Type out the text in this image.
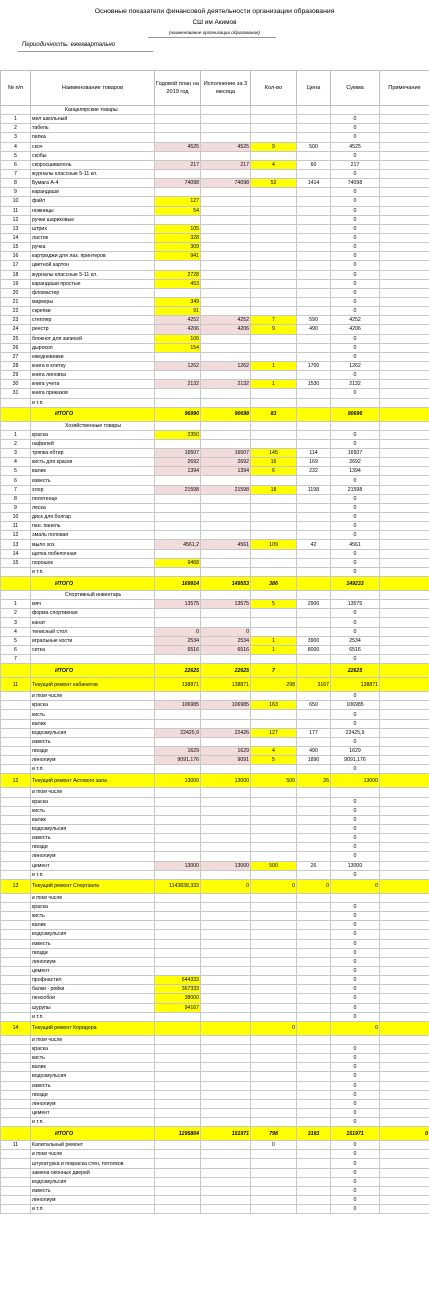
Основные показатели финансовой деятельности организации образования
СШ им Акимов
(наименование организации образования)
Периодичность: ежеквартально
№ п/п	Наименование товаров	Годовой план на 2019 год	Исполнение за 3 месяца	Кол-во	Цена	Сумма	Примечание
	Канцелярские товары						
1	мел школьный					0	
2	табель					0	
3	папка					0	
4	скоч	4525	4525	9	500	4525	
5	скобы					0	
6	скоросшиватель	217	217	4	60	217	
7	журналы классные 5-11 кл.					0	
8	Бумага А-4	74098	74098	52	1414	74098	
9	карандаши					0	
10	файл	127				0	
11	ножницы	54				0	
12	ручки шариковые					0	
13	штрих	105				0	
14	ластик	328				0	
15	ручка	309				0	
16	картриджи для лаз. принтеров	941				0	
17	цветной картон					0	
18	журналы классные 5-11 кл.	2728				0	
19	карандаши простые	453				0	
20	фломастер					0	
21	маркеры	349				0	
22	скрепки	91				0	
23	степлер	4252	4252	7	590	4252	
24	реестр	4206	4206	9	490	4206	
25	блокнот для записей	106				0	
26	дырокол	154				0	
27	ежедневники					0	
28	книга в клетку	1262	1262	1	1700	1262	
29	книга линовка					0	
30	книга учета	2132	2132	1	1530	2132	
31	книга приказов					0	
	и т.п.						
	ИТОГО	96990	90698	83		90696	
	Хозяйственные товары						
1	краска	2350				0	
2	нафилей					0	
3	тряпка обтир	16507	16507	145	114	16507	
4	кисть для краски	2692	2692	16	169	2692	
5	валик	1394	1394	6	232	1394	
6	известь					0	
7	хлор	21598	21598	18	1198	21598	
8	полотенце					0	
9	леска					0	
10	диск для болгар					0	
11	пан. панель					0	
12	эмаль половая					0	
13	мыло хоз	4561,2	4561	109	42	4561	
14	щетка побелочная					0	
15	порошок	9468				0	
	и т.п.					0	
	ИТОГО	169914	149553	386		149233	
	Спортивный инвентарь						
1	мяч	13575	13575	5	2900	13575	
2	форма спортивная					0	
3	канат					0	
4	тенисный стол	0	0			0	
5	игральные кости	2534	2534	1	3900	2534	
6	сетка	6516	6516	1	8000	6516	
7						0	
	ИТОГО	22625	22625	7		22625	
11	Текущий ремонт кабинетов	138871	138871	298	3167	138871	
	в том числе					0	
	краска	106985	106985	163	650	106985	
	кисть					0	
	валик					0	
	водоэмульсия	22425,9	22426	127	177	22425,9	
	известь					0	
	гвозди	1629	1629	4	490	1629	
	линолиум	9091,176	9091	5	1890	9091,176	
	и т.п.					0	
12	Текущий ремонт Актового зала	13000	13000	500	26	13000	
	в том числе						
	краска					0	
	кисть					0	
	валик					0	
	водоэмульсия					0	
	известь					0	
	гвозди					0	
	линолиум					0	
	цемент	13000	13000	500	26	13000	
	и т.п.					0	
13	Текущий ремонт Спортзала	1143838,333	0	0	0	0	
	в том числе						
	краска					0	
	кисть					0	
	валик					0	
	водоэмульсия					0	
	известь					0	
	гвозди					0	
	линолиум					0	
	цемент					0	
	профнастил	644333				0	
	балки - рейки	367333				0	
	пенообои	38000				0	
	шурупы	94167				0	
	и т.п.					0	
14	Текущий ремонт Коридора			0		0	
	в том числе						
	краска					0	
	кисть					0	
	валик					0	
	водоэмульсия					0	
	известь					0	
	гвозди					0	
	линолиум					0	
	цемент					0	
	и т.п.					0	
	ИТОГО	1295804	151971	798	3193	151971	0
11	Капитальный ремонт			0		0	
	в том числе					0	
	штукатурка и покраска стен, потолков					0	
	замена оконных дверей					0	
	водоэмульсия					0	
	известь					0	
	линолиум					0	
	и т.п.					0	
